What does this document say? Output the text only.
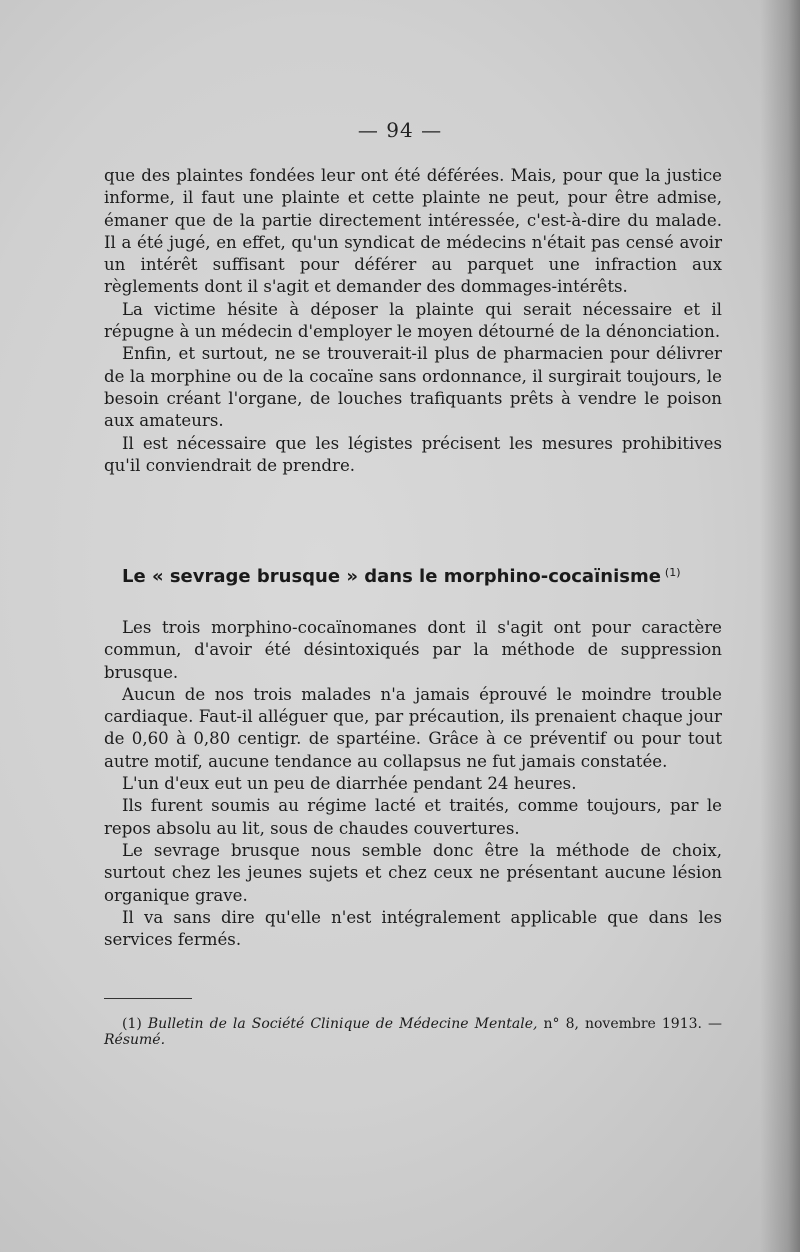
— 94 —

que des plaintes fondées leur ont été déférées. Mais, pour que la justice informe, il faut une plainte et cette plainte ne peut, pour être admise, émaner que de la partie directement intéressée, c'est-à-dire du malade. Il a été jugé, en effet, qu'un syndicat de médecins n'était pas censé avoir un intérêt suffisant pour déférer au parquet une infraction aux règlements dont il s'agit et demander des dommages-intérêts.

La victime hésite à déposer la plainte qui serait nécessaire et il répugne à un médecin d'employer le moyen détourné de la dénonciation.

Enfin, et surtout, ne se trouverait-il plus de pharmacien pour délivrer de la morphine ou de la cocaïne sans ordonnance, il surgirait toujours, le besoin créant l'organe, de louches trafiquants prêts à vendre le poison aux amateurs.

Il est nécessaire que les légistes précisent les mesures prohibitives qu'il conviendrait de prendre.

Le « sevrage brusque » dans le morphino-cocaïnisme $^{(1)}$

Les trois morphino-cocaïnomanes dont il s'agit ont pour caractère commun, d'avoir été désintoxiqués par la méthode de suppression brusque.

Aucun de nos trois malades n'a jamais éprouvé le moindre trouble cardiaque. Faut-il alléguer que, par précaution, ils prenaient chaque jour de 0,60 à 0,80 centigr. de spartéine. Grâce à ce préventif ou pour tout autre motif, aucune tendance au collapsus ne fut jamais constatée.

L'un d'eux eut un peu de diarrhée pendant 24 heures.

Ils furent soumis au régime lacté et traités, comme toujours, par le repos absolu au lit, sous de chaudes couvertures.

Le sevrage brusque nous semble donc être la méthode de choix, surtout chez les jeunes sujets et chez ceux ne présentant aucune lésion organique grave.

Il va sans dire qu'elle n'est intégralement applicable que dans les services fermés.

(1) Bulletin de la Société Clinique de Médecine Mentale, n° 8, novembre 1913. — Résumé.
